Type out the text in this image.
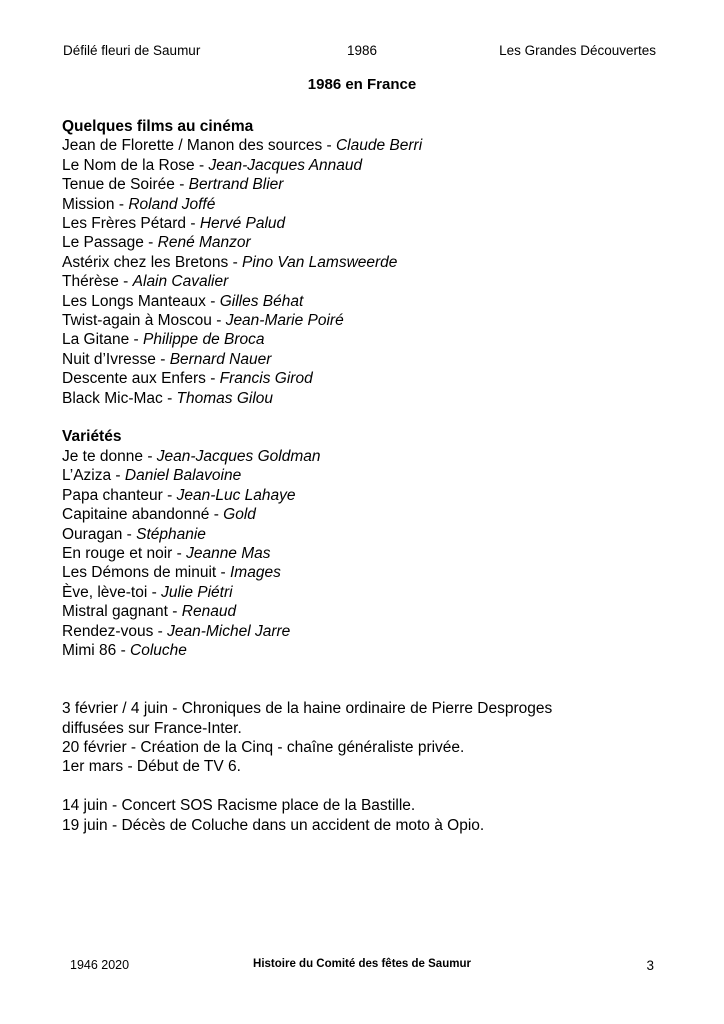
Défilé fleuri de Saumur	1986	Les Grandes Découvertes
1986 en France
Quelques films au cinéma
Jean de Florette / Manon des sources - Claude Berri
Le Nom de la Rose - Jean-Jacques Annaud
Tenue de Soirée - Bertrand Blier
Mission - Roland Joffé
Les Frères Pétard - Hervé Palud
Le Passage - René Manzor
Astérix chez les Bretons - Pino Van Lamsweerde
Thérèse - Alain Cavalier
Les Longs Manteaux - Gilles Béhat
Twist-again à Moscou - Jean-Marie Poiré
La Gitane - Philippe de Broca
Nuit d’Ivresse - Bernard Nauer
Descente aux Enfers - Francis Girod
Black Mic-Mac - Thomas Gilou
Variétés
Je te donne - Jean-Jacques Goldman
L’Aziza - Daniel Balavoine
Papa chanteur - Jean-Luc Lahaye
Capitaine abandonné - Gold
Ouragan - Stéphanie
En rouge et noir - Jeanne Mas
Les Démons de minuit - Images
Ève, lève-toi - Julie Piétri
Mistral gagnant - Renaud
Rendez-vous - Jean-Michel Jarre
Mimi 86 - Coluche
3 février / 4 juin - Chroniques de la haine ordinaire de Pierre Desproges
diffusées sur France-Inter.
20 février - Création de la Cinq - chaîne généraliste privée.
1er mars - Début de TV 6.
14 juin - Concert SOS Racisme place de la Bastille.
19 juin - Décès de Coluche dans un accident de moto à Opio.
1946 2020	Histoire du Comité des fêtes de Saumur	3
